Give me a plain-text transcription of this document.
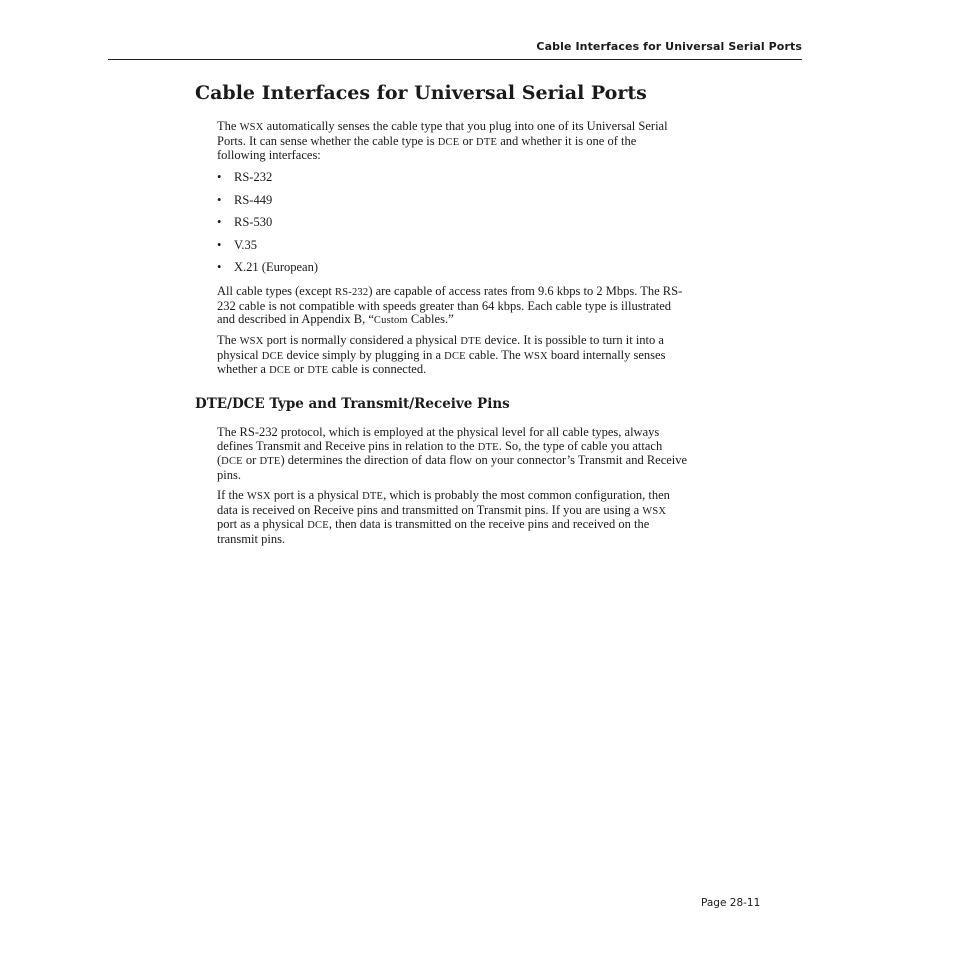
Cable Interfaces for Universal Serial Ports
Cable Interfaces for Universal Serial Ports

The WSX automatically senses the cable type that you plug into one of its Universal Serial
Ports. It can sense whether the cable type is DCE or DTE and whether it is one of the
following interfaces:

• RS-232
• RS-449
• RS-530
• V.35
• X.21 (European)

All cable types (except RS-232) are capable of access rates from 9.6 kbps to 2 Mbps. The RS-
232 cable is not compatible with speeds greater than 64 kbps. Each cable type is illustrated
and described in Appendix B, “Custom Cables.”

The WSX port is normally considered a physical DTE device. It is possible to turn it into a
physical DCE device simply by plugging in a DCE cable. The WSX board internally senses
whether a DCE or DTE cable is connected.

DTE/DCE Type and Transmit/Receive Pins

The RS-232 protocol, which is employed at the physical level for all cable types, always
defines Transmit and Receive pins in relation to the DTE. So, the type of cable you attach
(DCE or DTE) determines the direction of data flow on your connector’s Transmit and Receive
pins.

If the WSX port is a physical DTE, which is probably the most common configuration, then
data is received on Receive pins and transmitted on Transmit pins. If you are using a WSX
port as a physical DCE, then data is transmitted on the receive pins and received on the
transmit pins.

Page 28-11
